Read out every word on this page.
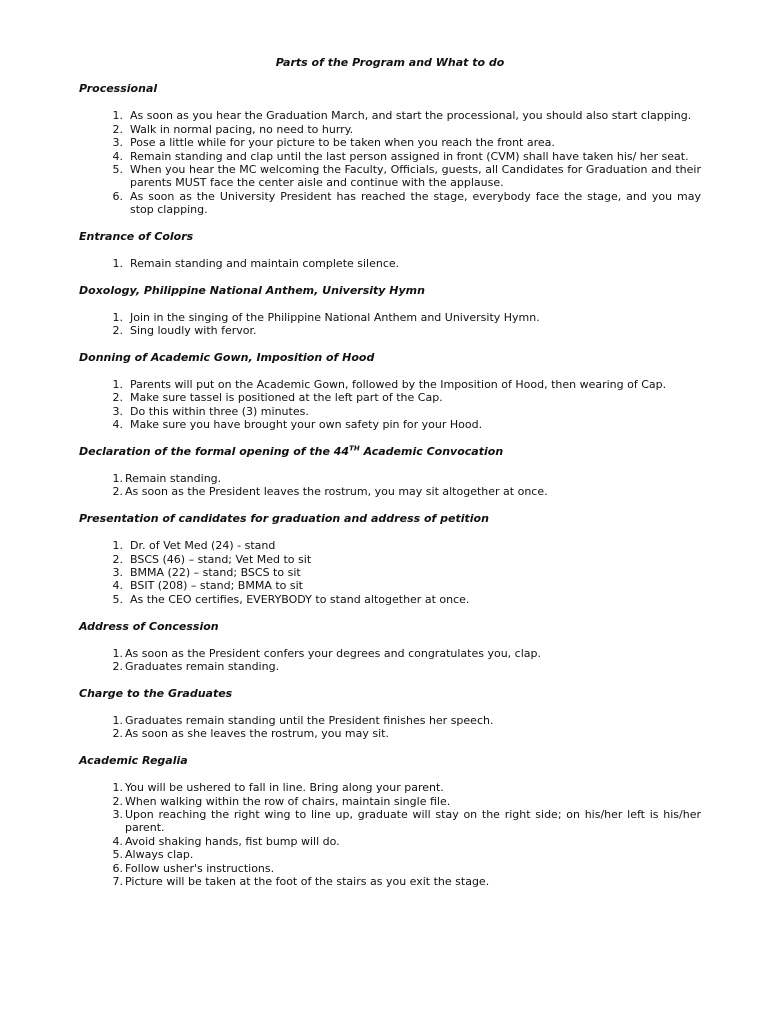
Parts of the Program and What to do
Processional
1. As soon as you hear the Graduation March, and start the processional, you should also start clapping.
2. Walk in normal pacing, no need to hurry.
3. Pose a little while for your picture to be taken when you reach the front area.
4. Remain standing and clap until the last person assigned in front (CVM) shall have taken his/ her seat.
5. When you hear the MC welcoming the Faculty, Officials, guests, all Candidates for Graduation and their parents MUST face the center aisle and continue with the applause.
6. As soon as the University President has reached the stage, everybody face the stage, and you may stop clapping.
Entrance of Colors
1. Remain standing and maintain complete silence.
Doxology, Philippine National Anthem, University Hymn
1. Join in the singing of the Philippine National Anthem and University Hymn.
2. Sing loudly with fervor.
Donning of Academic Gown, Imposition of Hood
1. Parents will put on the Academic Gown, followed by the Imposition of Hood, then wearing of Cap.
2. Make sure tassel is positioned at the left part of the Cap.
3. Do this within three (3) minutes.
4. Make sure you have brought your own safety pin for your Hood.
Declaration of the formal opening of the 44TH Academic Convocation
1. Remain standing.
2. As soon as the President leaves the rostrum, you may sit altogether at once.
Presentation of candidates for graduation and address of petition
1. Dr. of Vet Med (24) - stand
2. BSCS (46) – stand; Vet Med to sit
3. BMMA (22) – stand; BSCS to sit
4. BSIT (208) – stand; BMMA to sit
5. As the CEO certifies, EVERYBODY to stand altogether at once.
Address of Concession
1. As soon as the President confers your degrees and congratulates you, clap.
2. Graduates remain standing.
Charge to the Graduates
1. Graduates remain standing until the President finishes her speech.
2. As soon as she leaves the rostrum, you may sit.
Academic Regalia
1. You will be ushered to fall in line. Bring along your parent.
2. When walking within the row of chairs, maintain single file.
3. Upon reaching the right wing to line up, graduate will stay on the right side; on his/her left is his/her parent.
4. Avoid shaking hands, fist bump will do.
5. Always clap.
6. Follow usher's instructions.
7. Picture will be taken at the foot of the stairs as you exit the stage.
